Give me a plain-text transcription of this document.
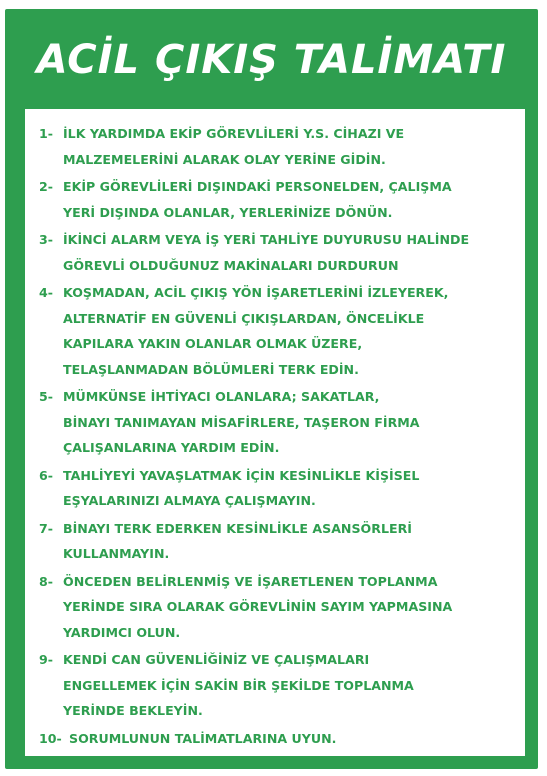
ACİL ÇIKIŞ TALİMATI
1- İLK YARDIMDA EKİP GÖREVLİLERİ Y.S. CİHAZI VE
MALZEMELERİNİ ALARAK OLAY YERİNE GİDİN.
2- EKİP GÖREVLİLERİ DIŞINDAKİ PERSONELDEN, ÇALIŞMA
YERİ DIŞINDA OLANLAR, YERLERİNİZE DÖNÜN.
3- İKİNCİ ALARM VEYA İŞ YERİ TAHLİYE DUYURUSU HALİNDE
GÖREVLİ OLDUĞUNUZ MAKİNALARI DURDURUN
4- KOŞMADAN, ACİL ÇIKIŞ YÖN İŞARETLERİNİ İZLEYEREK,
ALTERNATİF EN GÜVENLİ ÇIKIŞLARDAN, ÖNCELİKLE
KAPILARA YAKIN OLANLAR OLMAK ÜZERE,
TELAŞLANMADAN BÖLÜMLERİ TERK EDİN.
5- MÜMKÜNSE İHTİYACI OLANLARA; SAKATLAR,
BİNAYI TANIMAYAN MİSAFİRLERE, TAŞERON FİRMA
ÇALIŞANLARINA YARDIM EDİN.
6- TAHLİYEYİ YAVAŞLATMAK İÇİN KESİNLİKLE KİŞİSEL
EŞYALARINIZI ALMAYA ÇALIŞMAYIN.
7- BİNAYI TERK EDERKEN KESİNLİKLE ASANSÖRLERİ
KULLANMAYIN.
8- ÖNCEDEN BELİRLENMİŞ VE İŞARETLENEN TOPLANMA
YERİNDE SIRA OLARAK GÖREVLİNİN SAYIM YAPMASINA
YARDIMCI OLUN.
9- KENDİ CAN GÜVENLİĞİNİZ VE ÇALIŞMALARI
ENGELLEMEK İÇİN SAKİN BİR ŞEKİLDE TOPLANMA
YERİNDE BEKLEYİN.
10- SORUMLUNUN TALİMATLARINA UYUN.
